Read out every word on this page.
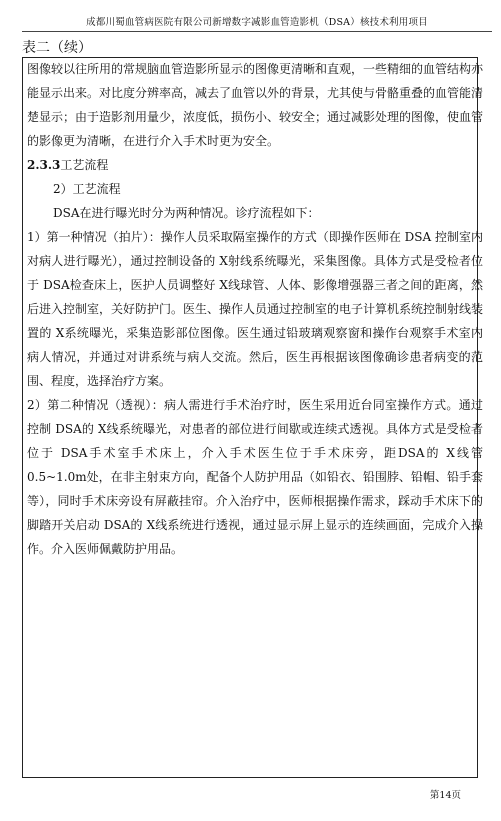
成都川蜀血管病医院有限公司新增数字减影血管造影机（DSA）核技术利用项目
表二（续）

图像较以往所用的常规脑血管造影所显示的图像更清晰和直观，一些精细的血管结构亦能显示出来。对比度分辨率高，减去了血管以外的背景，尤其使与骨骼重叠的血管能清楚显示；由于造影剂用量少，浓度低，损伤小、较安全；通过减影处理的图像，使血管的影像更为清晰，在进行介入手术时更为安全。

2.3.3工艺流程

2）工艺流程

DSA在进行曝光时分为两种情况。诊疗流程如下：

1）第一种情况（拍片）：操作人员采取隔室操作的方式（即操作医师在 DSA 控制室内对病人进行曝光），通过控制设备的 X射线系统曝光，采集图像。具体方式是受检者位于 DSA检查床上，医护人员调整好 X线球管、人体、影像增强器三者之间的距离，然后进入控制室，关好防护门。医生、操作人员通过控制室的电子计算机系统控制射线装置的 X系统曝光，采集造影部位图像。医生通过铅玻璃观察窗和操作台观察手术室内病人情况，并通过对讲系统与病人交流。然后，医生再根据该图像确诊患者病变的范围、程度，选择治疗方案。

2）第二种情况（透视）：病人需进行手术治疗时，医生采用近台同室操作方式。通过控制 DSA的 X线系统曝光，对患者的部位进行间歇或连续式透视。具体方式是受检者位于 DSA手术室手术床上，介入手术医生位于手术床旁，距DSA的 X线管 0.5~1.0m处，在非主射束方向，配备个人防护用品（如铅衣、铅围脖、铅帽、铅手套等），同时手术床旁设有屏蔽挂帘。介入治疗中，医师根据操作需求，踩动手术床下的脚踏开关启动 DSA的 X线系统进行透视，通过显示屏上显示的连续画面，完成介入操作。介入医师佩戴防护用品。

第14页
